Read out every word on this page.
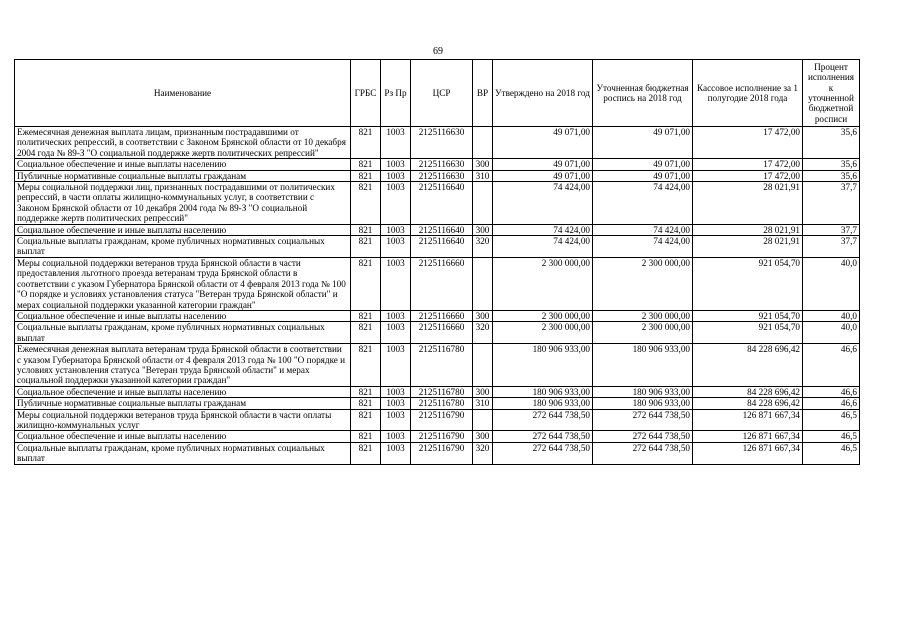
69
Наименование	ГРБС	Рз Пр	ЦСР	ВР	Утверждено на 2018 год	Уточненная бюджетная роспись на 2018 год	Кассовое исполнение за 1 полугодие 2018 года	Процент исполнения к уточненной бюджетной росписи
Ежемесячная денежная выплата лицам, признанным пострадавшими от политических репрессий, в соответствии с Законом Брянской области от 10 декабря 2004 года № 89-З "О социальной поддержке жертв политических репрессий"	821	1003	2125116630		49 071,00	49 071,00	17 472,00	35,6
Социальное обеспечение и иные выплаты населению	821	1003	2125116630	300	49 071,00	49 071,00	17 472,00	35,6
Публичные нормативные социальные выплаты гражданам	821	1003	2125116630	310	49 071,00	49 071,00	17 472,00	35,6
Меры социальной поддержки лиц, признанных пострадавшими от политических репрессий, в части оплаты жилищно-коммунальных услуг, в соответствии с Законом Брянской области от 10 декабря 2004 года № 89-З "О социальной поддержке жертв политических репрессий"	821	1003	2125116640		74 424,00	74 424,00	28 021,91	37,7
Социальное обеспечение и иные выплаты населению	821	1003	2125116640	300	74 424,00	74 424,00	28 021,91	37,7
Социальные выплаты гражданам, кроме публичных нормативных социальных выплат	821	1003	2125116640	320	74 424,00	74 424,00	28 021,91	37,7
Меры социальной поддержки ветеранов труда Брянской области в части предоставления льготного проезда ветеранам труда Брянской области в соответствии с указом Губернатора Брянской области от 4 февраля 2013 года № 100 "О порядке и условиях установления статуса "Ветеран труда Брянской области" и мерах социальной поддержки указанной категории граждан"	821	1003	2125116660		2 300 000,00	2 300 000,00	921 054,70	40,0
Социальное обеспечение и иные выплаты населению	821	1003	2125116660	300	2 300 000,00	2 300 000,00	921 054,70	40,0
Социальные выплаты гражданам, кроме публичных нормативных социальных выплат	821	1003	2125116660	320	2 300 000,00	2 300 000,00	921 054,70	40,0
Ежемесячная денежная выплата ветеранам труда Брянской области в соответствии с указом Губернатора Брянской области от 4 февраля 2013 года № 100 "О порядке и условиях установления статуса "Ветеран труда Брянской области" и мерах социальной поддержки указанной категории граждан"	821	1003	2125116780		180 906 933,00	180 906 933,00	84 228 696,42	46,6
Социальное обеспечение и иные выплаты населению	821	1003	2125116780	300	180 906 933,00	180 906 933,00	84 228 696,42	46,6
Публичные нормативные социальные выплаты гражданам	821	1003	2125116780	310	180 906 933,00	180 906 933,00	84 228 696,42	46,6
Меры социальной поддержки ветеранов труда Брянской области в части оплаты жилищно-коммунальных услуг	821	1003	2125116790		272 644 738,50	272 644 738,50	126 871 667,34	46,5
Социальное обеспечение и иные выплаты населению	821	1003	2125116790	300	272 644 738,50	272 644 738,50	126 871 667,34	46,5
Социальные выплаты гражданам, кроме публичных нормативных социальных выплат	821	1003	2125116790	320	272 644 738,50	272 644 738,50	126 871 667,34	46,5
